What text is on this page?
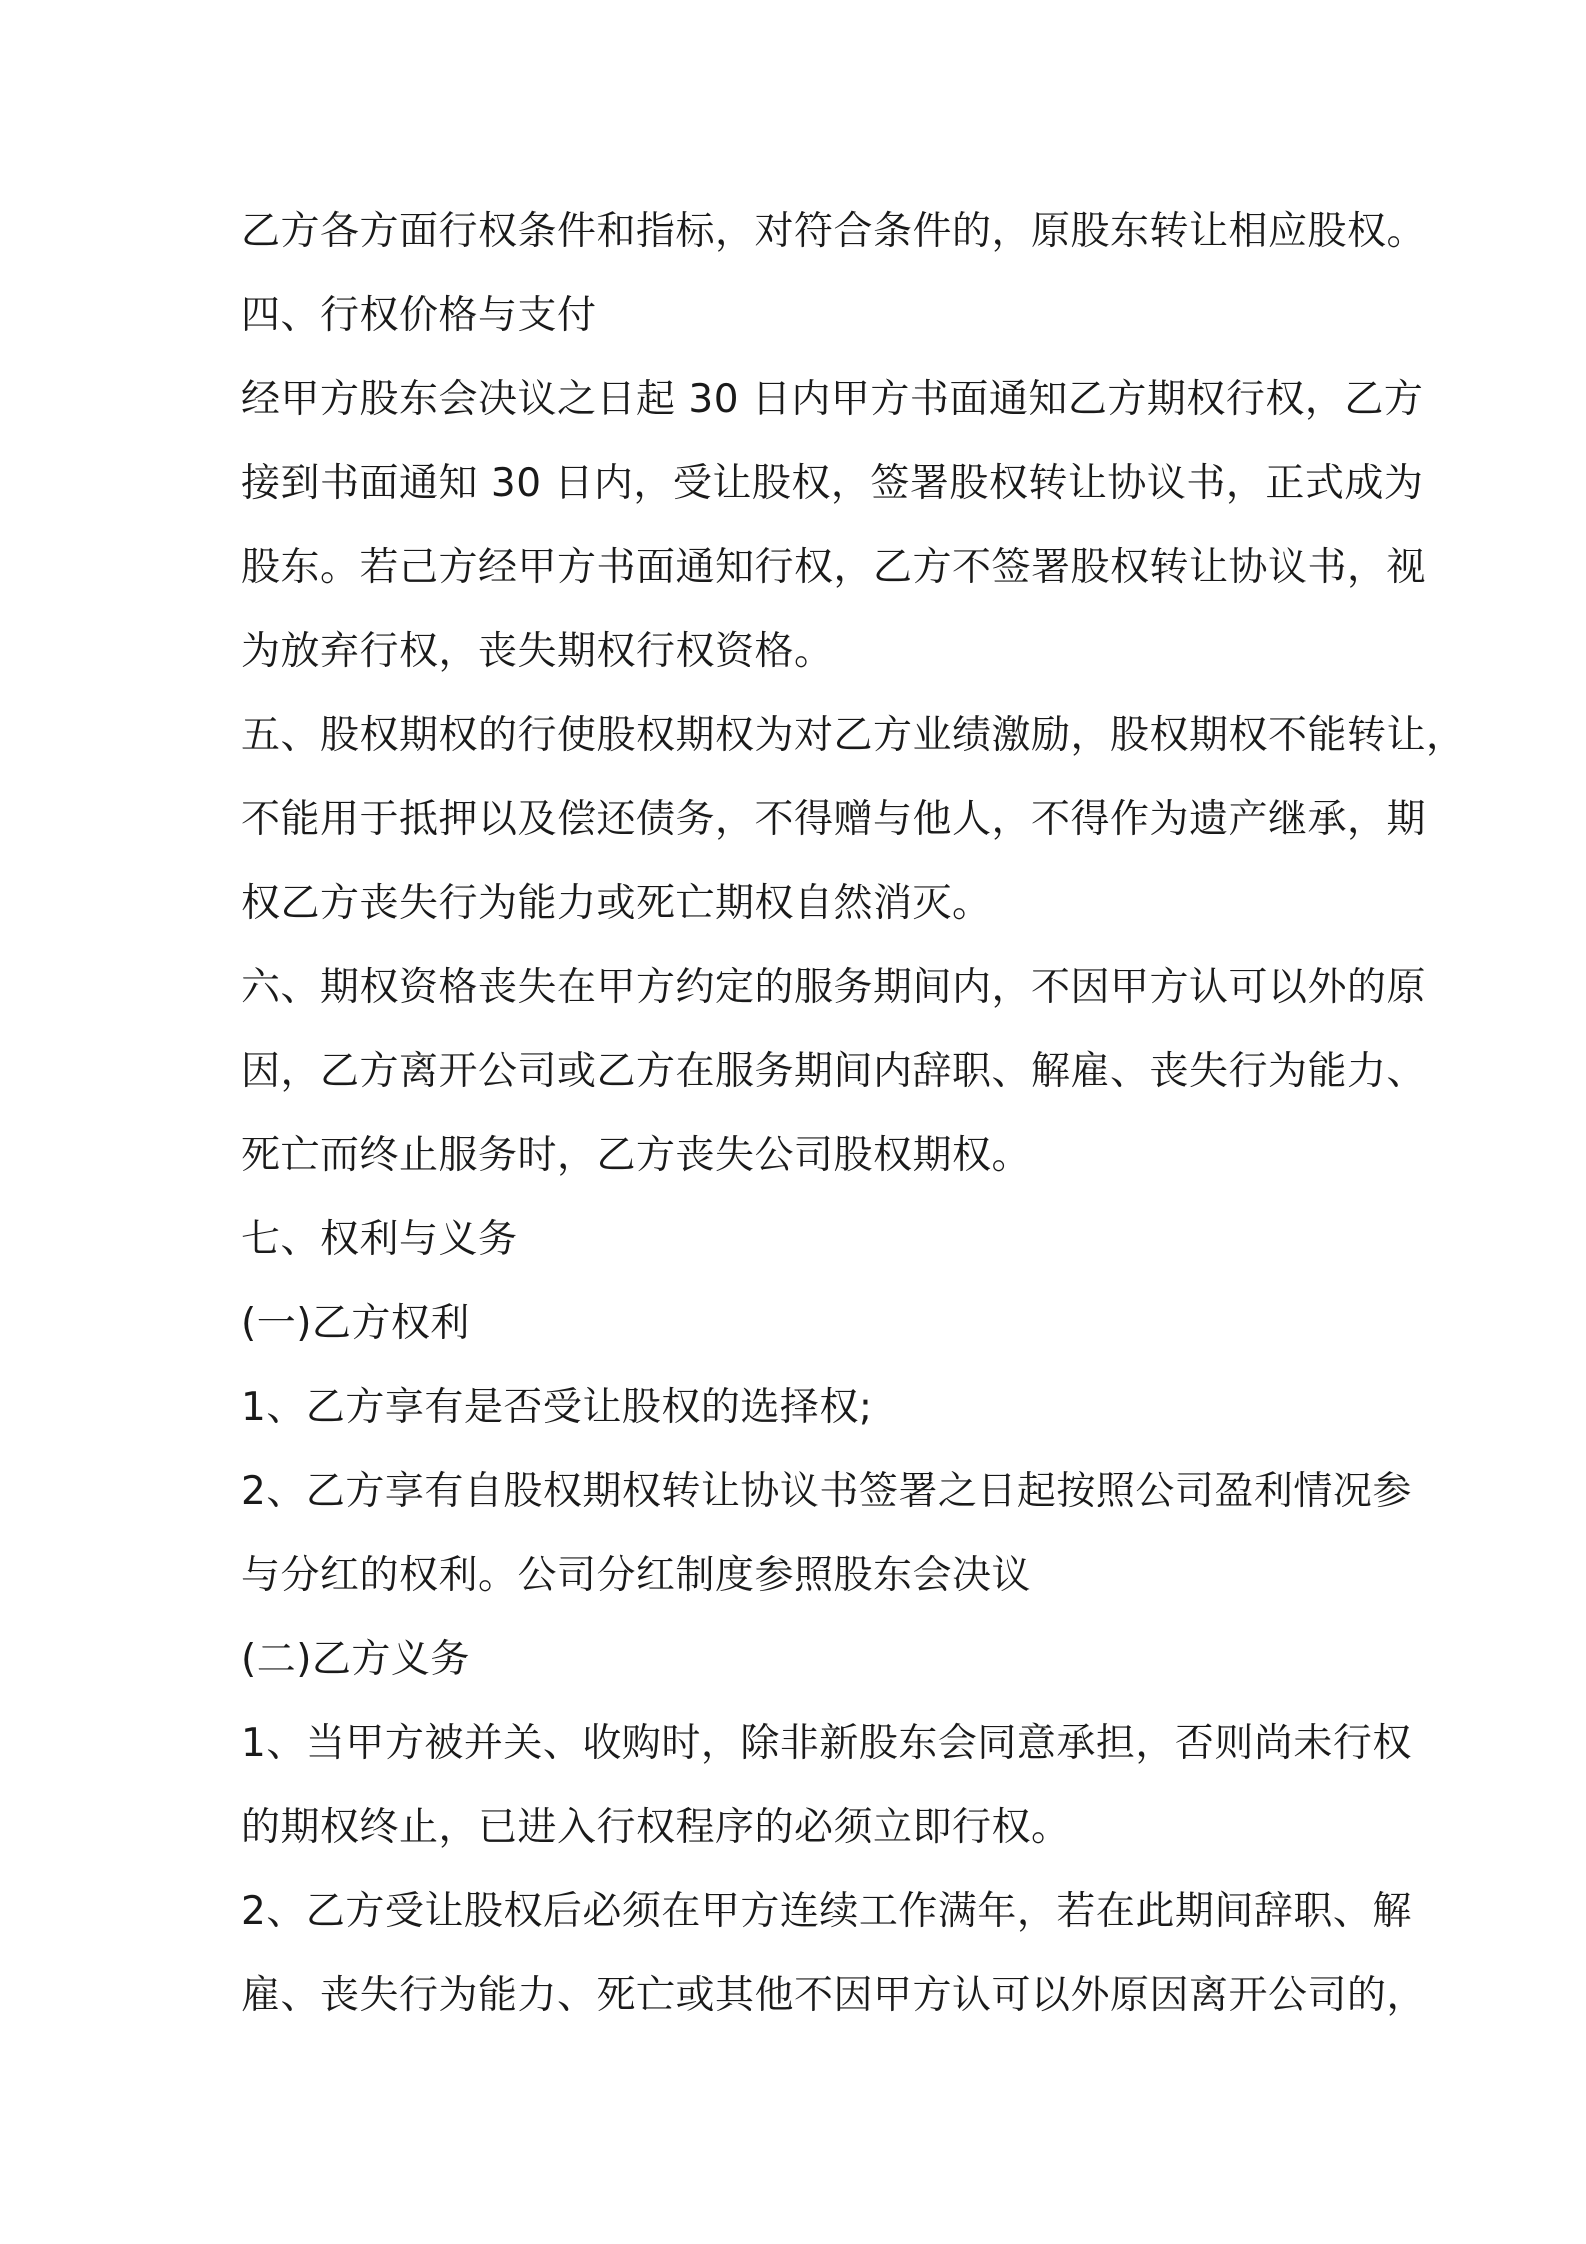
乙方各方面行权条件和指标，对符合条件的，原股东转让相应股权。
四、行权价格与支付
经甲方股东会决议之日起 30 日内甲方书面通知乙方期权行权，乙方
接到书面通知 30 日内，受让股权，签署股权转让协议书，正式成为
股东。若己方经甲方书面通知行权，乙方不签署股权转让协议书，视
为放弃行权，丧失期权行权资格。
五、股权期权的行使股权期权为对乙方业绩激励，股权期权不能转让，
不能用于抵押以及偿还债务，不得赠与他人，不得作为遗产继承，期
权乙方丧失行为能力或死亡期权自然消灭。
六、期权资格丧失在甲方约定的服务期间内，不因甲方认可以外的原
因，乙方离开公司或乙方在服务期间内辞职、解雇、丧失行为能力、
死亡而终止服务时，乙方丧失公司股权期权。
七、权利与义务
(一)乙方权利
1、乙方享有是否受让股权的选择权;
2、乙方享有自股权期权转让协议书签署之日起按照公司盈利情况参
与分红的权利。公司分红制度参照股东会决议
(二)乙方义务
1、当甲方被并关、收购时，除非新股东会同意承担，否则尚未行权
的期权终止，已进入行权程序的必须立即行权。
2、乙方受让股权后必须在甲方连续工作满年，若在此期间辞职、解
雇、丧失行为能力、死亡或其他不因甲方认可以外原因离开公司的，
